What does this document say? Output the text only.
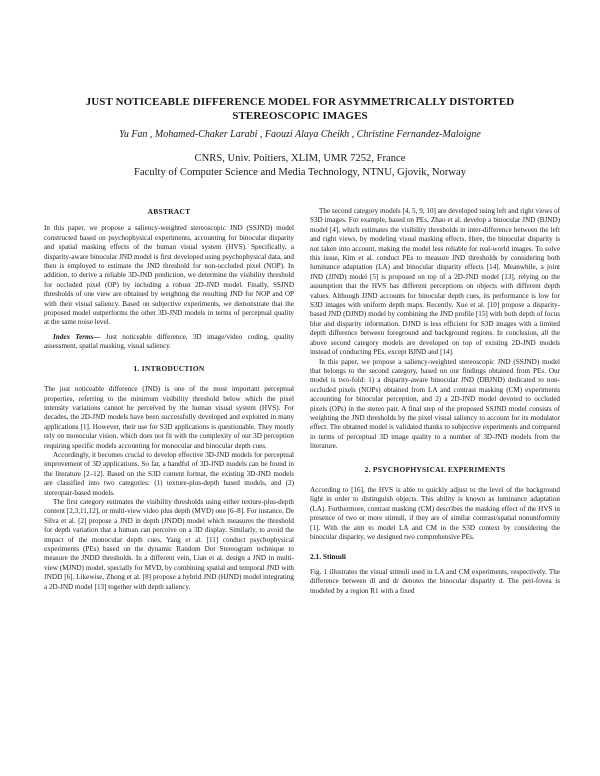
JUST NOTICEABLE DIFFERENCE MODEL FOR ASYMMETRICALLY DISTORTED
STEREOSCOPIC IMAGES
Yu Fan , Mohamed-Chaker Larabi , Faouzi Alaya Cheikh , Christine Fernandez-Maloigne
CNRS, Univ. Poitiers, XLIM, UMR 7252, France
Faculty of Computer Science and Media Technology, NTNU, Gjovik, Norway
ABSTRACT

In this paper, we propose a saliency-weighted stereoscopic JND (SSJND) model constructed based on psychophysical experiments, accounting for binocular disparity and spatial masking effects of the human visual system (HVS). Specifically, a disparity-aware binocular JND model is first developed using psychophysical data, and then is employed to estimate the JND threshold for non-occluded pixel (NOP). In addition, to derive a reliable 3D-JND prediction, we determine the visibility threshold for occluded pixel (OP) by including a robust 2D-JND model. Finally, SSJND thresholds of one view are obtained by weighting the resulting JND for NOP and OP with their visual saliency. Based on subjective experiments, we demonstrate that the proposed model outperforms the other 3D-JND models in terms of perceptual quality at the same noise level.

Index Terms— Just noticeable difference, 3D image/video coding, quality assessment, spatial masking, visual saliency.

1. INTRODUCTION

The just noticeable difference (JND) is one of the most important perceptual properties, referring to the minimum visibility threshold below which the pixel intensity variations cannot be perceived by the human visual system (HVS). For decades, the 2D-JND models have been successfully developed and exploited in many applications [1]. However, their use for S3D applications is questionable. They mostly rely on monocular vision, which does not fit with the complexity of our 3D perception requiring specific models accounting for monocular and binocular depth cues.

Accordingly, it becomes crucial to develop effective 3D-JND models for perceptual improvement of 3D applications. So far, a handful of 3D-JND models can be found in the literature [2–12]. Based on the S3D content format, the existing 3D-JND models are classified into two categories: (1) texture-plus-depth based models, and (2) stereopair-based models.

The first category estimates the visibility thresholds using either texture-plus-depth content [2,3,11,12], or multi-view video plus depth (MVD) one [6–8]. For instance, De Silva et al. [2] propose a JND in depth (JNDD) model which measures the threshold for depth variation that a human can perceive on a 3D display. Similarly, to avoid the impact of the monocular depth cues, Yang et al. [11] conduct psychophysical experiments (PEs) based on the dynamic Random Dot Stereogram technique to measure the JNDD thresholds. In a different vein, Lian et al. design a JND in multi-view (MJND) model, specially for MVD, by combining spatial and temporal JND with JNDD [6]. Likewise, Zhong et al. [8] propose a hybrid JND (HJND) model integrating a 2D-JND model [13] together with depth saliency.

The second category models [4, 5, 9, 10] are developed using left and right views of S3D images. For example, based on PEs, Zhao et al. develop a binocular JND (BJND) model [4], which estimates the visibility thresholds in inter-difference between the left and right views, by modeling visual masking effects. Here, the binocular disparity is not taken into account, making the model less reliable for real-world images. To solve this issue, Kim et al. conduct PEs to measure JND thresholds by considering both luminance adaptation (LA) and binocular disparity effects [14]. Meanwhile, a joint JND (JJND) model [5] is proposed on top of a 2D-JND model [13], relying on the assumption that the HVS has different perceptions on objects with different depth values. Although JJND accounts for binocular depth cues, its performance is low for S3D images with uniform depth maps. Recently, Xue et al. [10] propose a disparity-based JND (DJND) model by combining the JND profile [15] with both depth of focus blur and disparity information. DJND is less efficient for S3D images with a limited depth difference between foreground and background regions. In conclusion, all the above second category models are developed on top of existing 2D-JND models instead of conducting PEs, except BJND and [14].

In this paper, we propose a saliency-weighted stereoscopic JND (SSJND) model that belongs to the second category, based on our findings obtained from PEs. Our model is two-fold: 1) a disparity-aware binocular JND (DBJND) dedicated to non-occluded pixels (NOPs) obtained from LA and contrast masking (CM) experiments accounting for binocular perception, and 2) a 2D-JND model devoted to occluded pixels (OPs) in the stereo pair. A final step of the proposed SSJND model consists of weighting the JND thresholds by the pixel visual saliency to account for its modulator effect. The obtained model is validated thanks to subjective experiments and compared in terms of perceptual 3D image quality to a number of 3D-JND models from the literature.

2. PSYCHOPHYSICAL EXPERIMENTS

According to [16], the HVS is able to quickly adjust to the level of the background light in order to distinguish objects. This ability is known as luminance adaptation (LA). Furthermore, contrast masking (CM) describes the masking effect of the HVS in presence of two or more stimuli, if they are of similar contrast/spatial nonuniformity [1]. With the aim to model LA and CM in the S3D context by considering the binocular disparity, we designed two comprehensive PEs.

2.1. Stimuli

Fig. 1 illustrates the visual stimuli used in LA and CM experiments, respectively. The difference between dl and dr denotes the binocular disparity d. The peri-fovea is modeled by a region R1 with a fixed
